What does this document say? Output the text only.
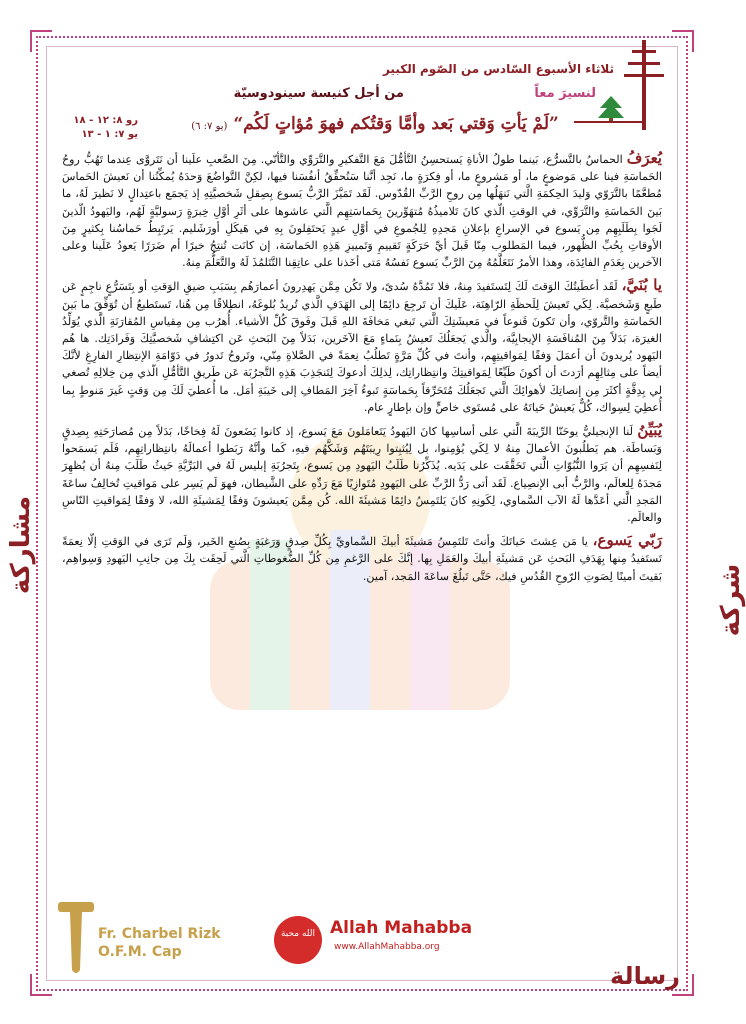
ثلاثاء الأسبوع السّادس من الصّوم الكبير
من أجل كنيسة سينودوسيّة	لنسيرَ معاً
”لَمْ يَأتِ وَقتي بَعد وأمَّا وَقتُكم فهوَ مُؤاتٍ لَكُم“ (يو ٧: ٦)
رو ٨: ١٢ - ١٨
يو ٧: ١ - ١٣

يُعرَفُ الحماسُ بالتَّسرُّع، بَينما طولُ الأناةِ يَستحسِنُ التَّأمُّلَ مَعَ التَّفكيرِ والتَّرَوِّي والتَّأنّي. مِنَ الصَّعبِ علَينا أن نَتَروَّى عِندما تَهُبُّ روحُ الحَماسَةِ فينا على مَوضوعٍ ما، أو مَشروعٍ ما، أو فِكرَةٍ ما، نَجِد أنَّنا سَنُحقِّقُ أنفُسَنا فيها، لكِنَّ التَّواضُعَ وَحدَهُ يُمكِّنُنا أن نَعيشَ الحَماسَ مُطعَّمًا بالتَّرَوّي وَليدَ الحِكمَةِ الَّتي نَنهَلُها مِن روحِ الرَّبِّ القُدّوس. لَقَد تَمَيَّزَ الرَّبُّ يَسوع بِصِقلِ شَخصيَّتِهِ إذ يَجمَع باعتِدالٍ لا نَظيرَ لَهُ، ما بَينَ الحَماسَةِ والتَّرَوِّي، في الوقتِ الّذي كانَ تَلاميذُهُ مُتهَوِّرينَ بِحَماسَتِهِم الَّتي عاشوها على أثَرِ أوَّلِ خِبرَةٍ رَسوليَّةٍ لَهُم، واليَهودُ الّذينَ لَجَوا بِطَلَبِهِم مِن يَسوع في الإسراعِ بإعلانِ مَجدِهِ لِلجُموعِ في أوَّلِ عيدٍ يَحتَفِلونَ بِهِ في هَيكَلِ أورَشَليم. يَرتَبِطُ حَماسُنا بِكثيرٍ مِنَ الأوقاتِ بِحُبِّ الظُّهور، فيما المَطلوب مِنّا قَبلَ أيِّ حَرَكَةٍ تَقييمِ وَتَمييزِ هَذِهِ الحَماسَة، إن كانَت تُنتِجُ خيرًا أم ضَرَرًا يَعودُ عَلَينا وعلى الآخرين بِعَدَمِ الفائِدَة، وهذا الأمرُ نَتَعَلَّمُهُ مِنَ الرَّبِّ يَسوع نَفسُهُ مَتى أخَذنا على عاتِقِنا التَّتَلمُذَ لَهُ والتَّعَلُّمَ مِنهُ.

يا بُنَيَّ، لَقَد أعطَيتُكَ الوَقتَ لَكَ لِتَستَفيدَ مِنهُ، فلا تَمُدَّهُ سُدىً، ولا تَكُن مِمَّن يَهدِرونَ أعمارَهُم بِسَبَبِ ضيقِ الوَقتِ أو بِتَسَرُّعٍ ناجِمٍ عَن طَبعٍ وَشَخصيَّة. لِكَي تَعيشَ لِلَحظَةِ الرّاهِنَة، عَلَيكَ أن تَرجِعَ دائِمًا إلى الهَدَفِ الَّذي تُريدُ بُلوغَهُ، انطِلاقًا مِن هُنا، تَستَطيعُ أن تُوَفِّقَ ما بَينَ الحَماسَةِ والتَّروّي، وأن تَكونَ قَنوعاً في مَعيشَتِكَ الَّتي تَبغي مَخافَةَ اللهِ قَبلَ وفَوقَ كُلِّ الأشياء. أُهرُب مِن مِقياسِ المُقارَنَةِ الَّذي يُوَلِّدُ الغيرَة، بَدَلاً مِنَ المُنافَسَةِ الإيجابِيَّة، والَّذي يَجعَلُكَ تَعيشُ بِنَماءٍ مَعَ الآخَرين، بَدَلاً مِنَ البَحثِ عَن اكتِشافِ شَخصيَّتِكَ وَفَرادَتِك. ها هُم اليَهود يُريدونَ أن أعمَلَ وَفقًا لِمَواقيتِهِم، وأنتَ في كُلِّ مَرَّةٍ تَطلُبُ نِعمَةً في الصَّلاةِ مِنّي، وتَروحُ تَدورُ في دَوّامَةِ الإنتِظارِ الفارِغِ لأنَّكَ أيضاً على مِثالِهِم أرَدتَ أن أكونَ طَيِّعًا لِمَواقيتِكَ وانتِظاراتِك، لِذلِكَ أدعوكَ لِتَنجَذِبَ هَذِهِ التَّجرُبَة عَن طَريقِ التَّأمُّلِ الّذي مِن خِلالِهِ تُصغي لي بِدِقَّةٍ أكثَرَ مِن إنصاتِكَ لأهوائِكَ الَّتي تَجعَلُكَ مُتَحَرِّقاً بِحَماسَةٍ تَبوءُ آخِرَ المَطافِ إلى خَيبَةِ أمَل. ما أُعطيَ لَكَ مِن وَقتٍ غَيرَ مَنوطٍ بِما أُعطِيَ لِسِواك، كُلٌّ يَعيشُ حَياتَهُ على مُستَوى خاصٍّ وإن بإطارٍ عام.

يُبَيِّنُ لَنا الإنجيليُّ يوحَنّا الرِّيبَةَ الَّتي على أساسِها كانَ اليَهودُ يَتَعامَلونَ مَعَ يَسوع، إذ كانوا يَضَعونَ لَهُ فِخاخًا، بَدَلاً مِن مُصارَحَتِهِ بِصِدقٍ وَبَساطَة. هم يَطلُبونَ الأعمالَ مِنهُ لا لِكَي يُؤمِنوا، بل لِيُثبِتوا رِيبَتَهُم وَشَكَّهُم فيهِ، كَما وأنَّهُ رَبَطوا أعمالَهُ بانتِظاراتِهِم، فَلَم يَسمَحوا لِنَفسِهِم أن يَرَوا النُّبُوّاتِ الَّتي تَحَقَّقَت على يَدَيه. يُذَكِّرُنا طَلَبُ اليَهودِ مِن يَسوع، بِتَجرُبَةِ إبليس لَهُ في البَرِّيَّةِ حَيثُ طَلَبَ مِنهُ أن يُظهِرَ مَجدَهُ لِلعالَم، والرَّبُّ أبى الإنصِياع. لَقَد أتى رَدُّ الرَّبِّ على اليَهودِ مُتَوازِيًا مَعَ رَدِّهِ على الشَّيطان، فهوَ لَم يَسِر على مَواقيتِ تُخالِفُ ساعَةَ المَجدِ الَّتي أعَدَّها لَهُ الآب السَّماوي، لِكَونِهِ كانَ يَلتَمِسُ دائِمًا مَشيئَةَ الله. كُن مِمَّن يَعيشونَ وَفقًا لِمَشيئَةِ الله، لا وَفقًا لِمَواقيتِ النّاسِ والعالَم.

رَبّي يَسوع، يا مَن عِشتَ حَياتَكَ وأنتَ تَلتَمِسُ مَشيئَةَ أبيكَ السَّماويِّ بِكُلِّ صِدقٍ وَرَغبَةٍ بِصُنعِ الخَير، وَلَم تَرَى في الوَقتِ إلّا نِعمَةً تَستَفيدُ مِنها بِهَدَفِ البَحثِ عَن مَشيئَةِ أبيكَ والعَمَلِ بِها. إنَّكَ على الرَّغمِ مِن كُلِّ الضُّغوطاتِ الَّتي لَحِقَت بِكَ مِن جانِبِ اليَهودِ وَسِواهِم، بَقيتَ أمينًا لِصَوتِ الرّوحِ القُدُسِ فيك، حَتَّى تَبلُغَ ساعَةَ المَجد، آمين. شركة
مشاركة
رسالة
Fr. Charbel Rizk
O.F.M. Cap
الله محبة Allah Mahabba
www.AllahMahabba.org
